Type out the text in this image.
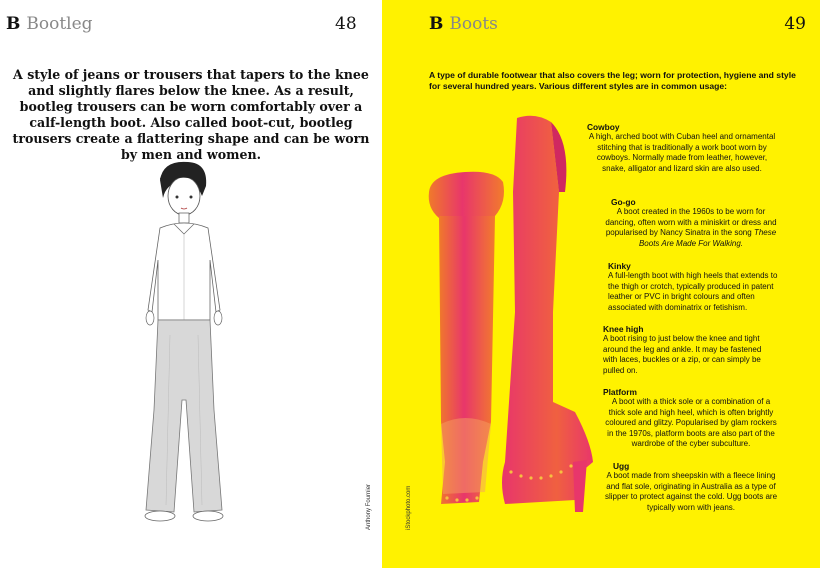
B Bootleg	48
A style of jeans or trousers that tapers to the knee and slightly flares below the knee. As a result, bootleg trousers can be worn comfortably over a calf-length boot. Also called boot-cut, bootleg trousers create a flattering shape and can be worn by men and women.
Anthony Fournier
B Boots	49
A type of durable footwear that also covers the leg; worn for protection, hygiene and style for several hundred years. Various different styles are in common usage:
iStockphoto.com
Cowboy
A high, arched boot with Cuban heel and ornamental stitching that is traditionally a work boot worn by cowboys. Normally made from leather, however, snake, alligator and lizard skin are also used.
Go-go
A boot created in the 1960s to be worn for dancing, often worn with a miniskirt or dress and popularised by Nancy Sinatra in the song These Boots Are Made For Walking.
Kinky
A full-length boot with high heels that extends to the thigh or crotch, typically produced in patent leather or PVC in bright colours and often associated with dominatrix or fetishism.
Knee high
A boot rising to just below the knee and tight around the leg and ankle. It may be fastened with laces, buckles or a zip, or can simply be pulled on.
Platform
A boot with a thick sole or a combination of a thick sole and high heel, which is often brightly coloured and glitzy. Popularised by glam rockers in the 1970s, platform boots are also part of the wardrobe of the cyber subculture.
Ugg
A boot made from sheepskin with a fleece lining and flat sole, originating in Australia as a type of slipper to protect against the cold. Ugg boots are typically worn with jeans.
